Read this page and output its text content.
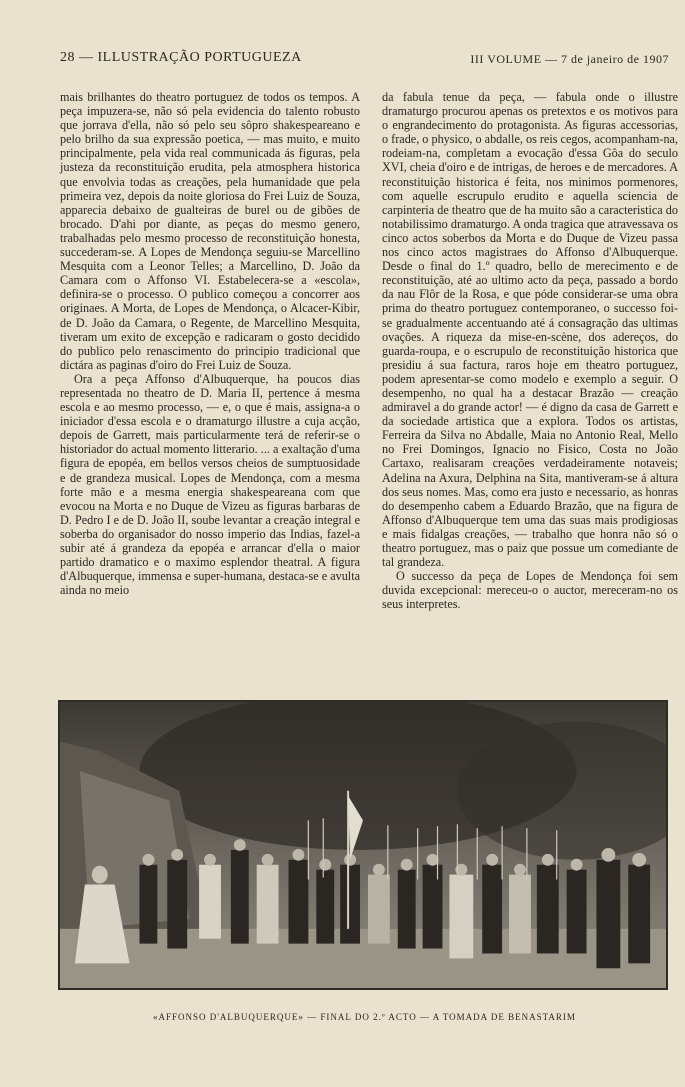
28 — ILLUSTRAÇÃO PORTUGUEZA	III VOLUME — 7 de janeiro de 1907

mais brilhantes do theatro portuguez de todos os tempos. A peça impuzera-se, não só pela evidencia do talento robusto que jorrava d'ella, não só pelo seu sôpro shakespeareano e pelo brilho da sua expressão poetica, — mas muito, e muito principalmente, pela vida real communicada ás figuras, pela justeza da reconstituição erudita, pela atmosphera historica que envolvia todas as creações, pela humanidade que pela primeira vez, depois da noite gloriosa do Frei Luiz de Souza, apparecia debaixo de gualteiras de burel ou de gibões de brocado. D'ahi por diante, as peças do mesmo genero, trabalhadas pelo mesmo processo de reconstituição honesta, succederam-se. A Lopes de Mendonça seguiu-se Marcellino Mesquita com a Leonor Telles; a Marcellino, D. João da Camara com o Affonso VI. Estabelecera-se a «escola», definira-se o processo. O publico começou a concorrer aos originaes. A Morta, de Lopes de Mendonça, o Alcacer-Kibir, de D. João da Camara, o Regente, de Marcellino Mesquita, tiveram um exito de excepção e radicaram o gosto decidido do publico pelo renascimento do principio tradicional que dictára as paginas d'oiro do Frei Luiz de Souza.

Ora a peça Affonso d'Albuquerque, ha poucos dias representada no theatro de D. Maria II, pertence á mesma escola e ao mesmo processo, — e, o que é mais, assigna-a o iniciador d'essa escola e o dramaturgo illustre a cuja acção, depois de Garrett, mais particularmente terá de referir-se o historiador do actual momento litterario. ... a exaltação d'uma figura de epopéa, em bellos versos cheios de sumptuosidade e de grandeza musical. Lopes de Mendonça, com a mesma forte mão e a mesma energia shakespeareana com que evocou na Morta e no Duque de Vizeu as figuras barbaras de D. Pedro I e de D. João II, soube levantar a creação integral e soberba do organisador do nosso imperio das Indias, fazel-a subir até á grandeza da epopéa e arrancar d'ella o maior partido dramatico e o maximo esplendor theatral. A figura d'Albuquerque, immensa e super-humana, destaca-se e avulta ainda no meio

da fabula tenue da peça, — fabula onde o illustre dramaturgo procurou apenas os pretextos e os motivos para o engrandecimento do protagonista. As figuras accessorias, o frade, o physico, o abdalle, os reis cegos, acompanham-na, rodeiam-na, completam a evocação d'essa Gôa do seculo XVI, cheia d'oiro e de intrigas, de heroes e de mercadores. A reconstituição historica é feita, nos minimos pormenores, com aquelle escrupulo erudito e aquella sciencia de carpinteria de theatro que de ha muito são a caracteristica do notabilissimo dramaturgo. A onda tragica que atravessava os cinco actos soberbos da Morta e do Duque de Vizeu passa nos cinco actos magistraes do Affonso d'Albuquerque. Desde o final do 1.º quadro, bello de merecimento e de reconstituição, até ao ultimo acto da peça, passado a bordo da nau Flôr de la Rosa, e que póde considerar-se uma obra prima do theatro portuguez contemporaneo, o successo foi-se gradualmente accentuando até á consagração das ultimas ovações. A riqueza da mise-en-scène, dos adereços, do guarda-roupa, e o escrupulo de reconstituição historica que presidiu á sua factura, raros hoje em theatro portuguez, podem apresentar-se como modelo e exemplo a seguir. O desempenho, no qual ha a destacar Brazão — creação admiravel a do grande actor! — é digno da casa de Garrett e da sociedade artistica que a explora. Todos os artistas, Ferreira da Silva no Abdalle, Maia no Antonio Real, Mello no Frei Domingos, Ignacio no Fisico, Costa no João Cartaxo, realisaram creações verdadeiramente notaveis; Adelina na Axura, Delphina na Sita, mantiveram-se á altura dos seus nomes. Mas, como era justo e necessario, as honras do desempenho cabem a Eduardo Brazão, que na figura de Affonso d'Albuquerque tem uma das suas mais prodigiosas e mais fidalgas creações, — trabalho que honra não só o theatro portuguez, mas o paiz que possue um comediante de tal grandeza.

O successo da peça de Lopes de Mendonça foi sem duvida excepcional: mereceu-o o auctor, mereceram-no os seus interpretes.

«AFFONSO D'ALBUQUERQUE» — FINAL DO 2.º ACTO — A TOMADA DE BENASTARIM
